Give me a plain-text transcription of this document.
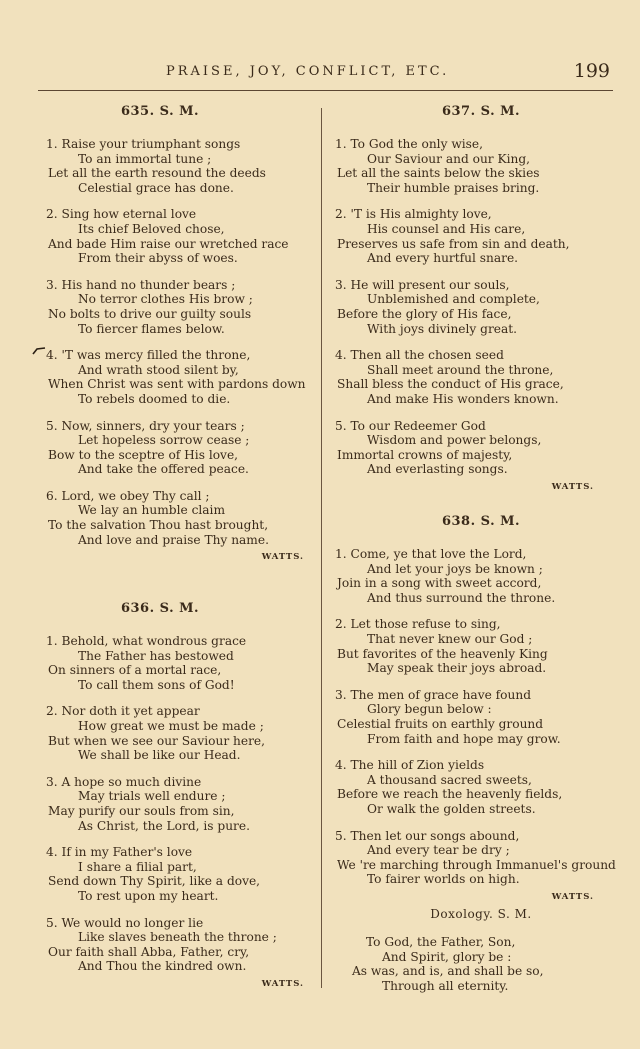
PRAISE, JOY, CONFLICT, ETC.	199
635. S. M.
1. Raise your triumphant songs
To an immortal tune ;
Let all the earth resound the deeds
Celestial grace has done.
2. Sing how eternal love
Its chief Beloved chose,
And bade Him raise our wretched race
From their abyss of woes.
3. His hand no thunder bears ;
No terror clothes His brow ;
No bolts to drive our guilty souls
To fiercer flames below.
4. 'T was mercy filled the throne,
And wrath stood silent by,
When Christ was sent with pardons down
To rebels doomed to die.
5. Now, sinners, dry your tears ;
Let hopeless sorrow cease ;
Bow to the sceptre of His love,
And take the offered peace.
6. Lord, we obey Thy call ;
We lay an humble claim
To the salvation Thou hast brought,
And love and praise Thy name.
WATTS.
636. S. M.
1. Behold, what wondrous grace
The Father has bestowed
On sinners of a mortal race,
To call them sons of God!
2. Nor doth it yet appear
How great we must be made ;
But when we see our Saviour here,
We shall be like our Head.
3. A hope so much divine
May trials well endure ;
May purify our souls from sin,
As Christ, the Lord, is pure.
4. If in my Father's love
I share a filial part,
Send down Thy Spirit, like a dove,
To rest upon my heart.
5. We would no longer lie
Like slaves beneath the throne ;
Our faith shall Abba, Father, cry,
And Thou the kindred own.
WATTS.
637. S. M.
1. To God the only wise,
Our Saviour and our King,
Let all the saints below the skies
Their humble praises bring.
2. 'T is His almighty love,
His counsel and His care,
Preserves us safe from sin and death,
And every hurtful snare.
3. He will present our souls,
Unblemished and complete,
Before the glory of His face,
With joys divinely great.
4. Then all the chosen seed
Shall meet around the throne,
Shall bless the conduct of His grace,
And make His wonders known.
5. To our Redeemer God
Wisdom and power belongs,
Immortal crowns of majesty,
And everlasting songs.
WATTS.
638. S. M.
1. Come, ye that love the Lord,
And let your joys be known ;
Join in a song with sweet accord,
And thus surround the throne.
2. Let those refuse to sing,
That never knew our God ;
But favorites of the heavenly King
May speak their joys abroad.
3. The men of grace have found
Glory begun below :
Celestial fruits on earthly ground
From faith and hope may grow.
4. The hill of Zion yields
A thousand sacred sweets,
Before we reach the heavenly fields,
Or walk the golden streets.
5. Then let our songs abound,
And every tear be dry ;
We 're marching through Immanuel's ground
To fairer worlds on high.
WATTS.
Doxology. S. M.
To God, the Father, Son,
And Spirit, glory be :
As was, and is, and shall be so,
Through all eternity.
